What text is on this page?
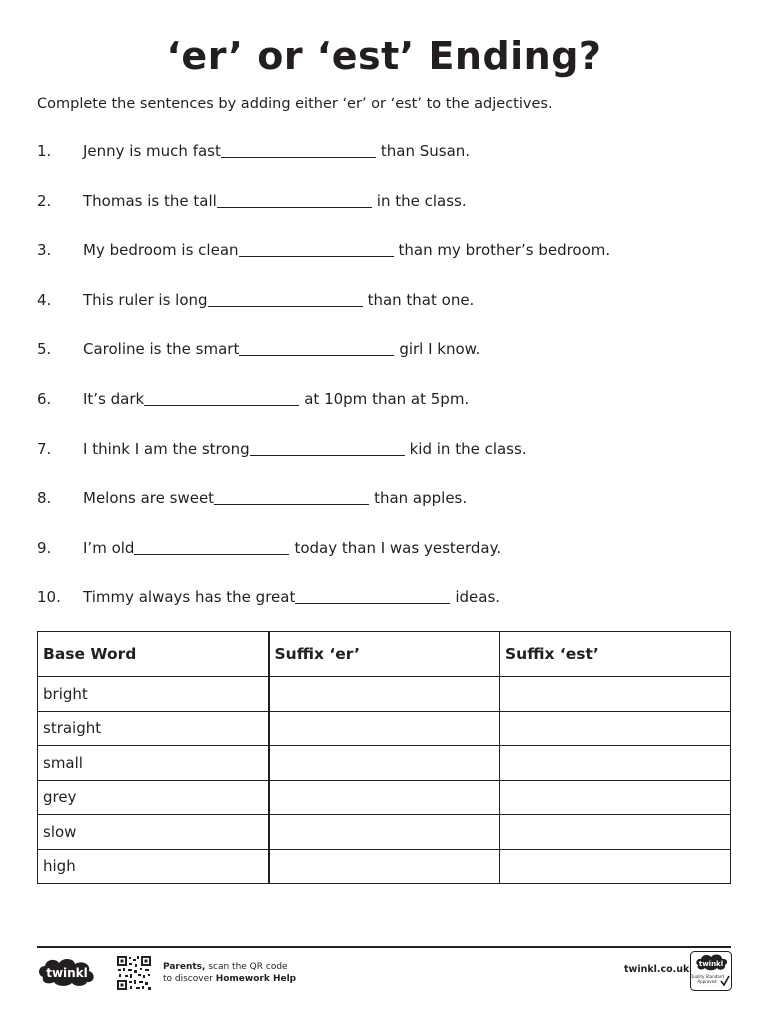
‘er’ or ‘est’ Ending?

Complete the sentences by adding either ‘er’ or ‘est’ to the adjectives.

1.	Jenny is much fast	than Susan.
2.	Thomas is the tall	in the class.
3.	My bedroom is clean	than my brother’s bedroom.
4.	This ruler is long	than that one.
5.	Caroline is the smart	girl I know.
6.	It’s dark	at 10pm than at 5pm.
7.	I think I am the strong	kid in the class.
8.	Melons are sweet	than apples.
9.	I’m old	today than I was yesterday.
10.	Timmy always has the great	ideas.
Base Word	Suffix ‘er’	Suffix ‘est’
bright		
straight		
small		
grey		
slow		
high		
twinkl	Parents, scan the QR code
to discover Homework Help
twinkl.co.uk twinkl
Quality Standard
Approved
